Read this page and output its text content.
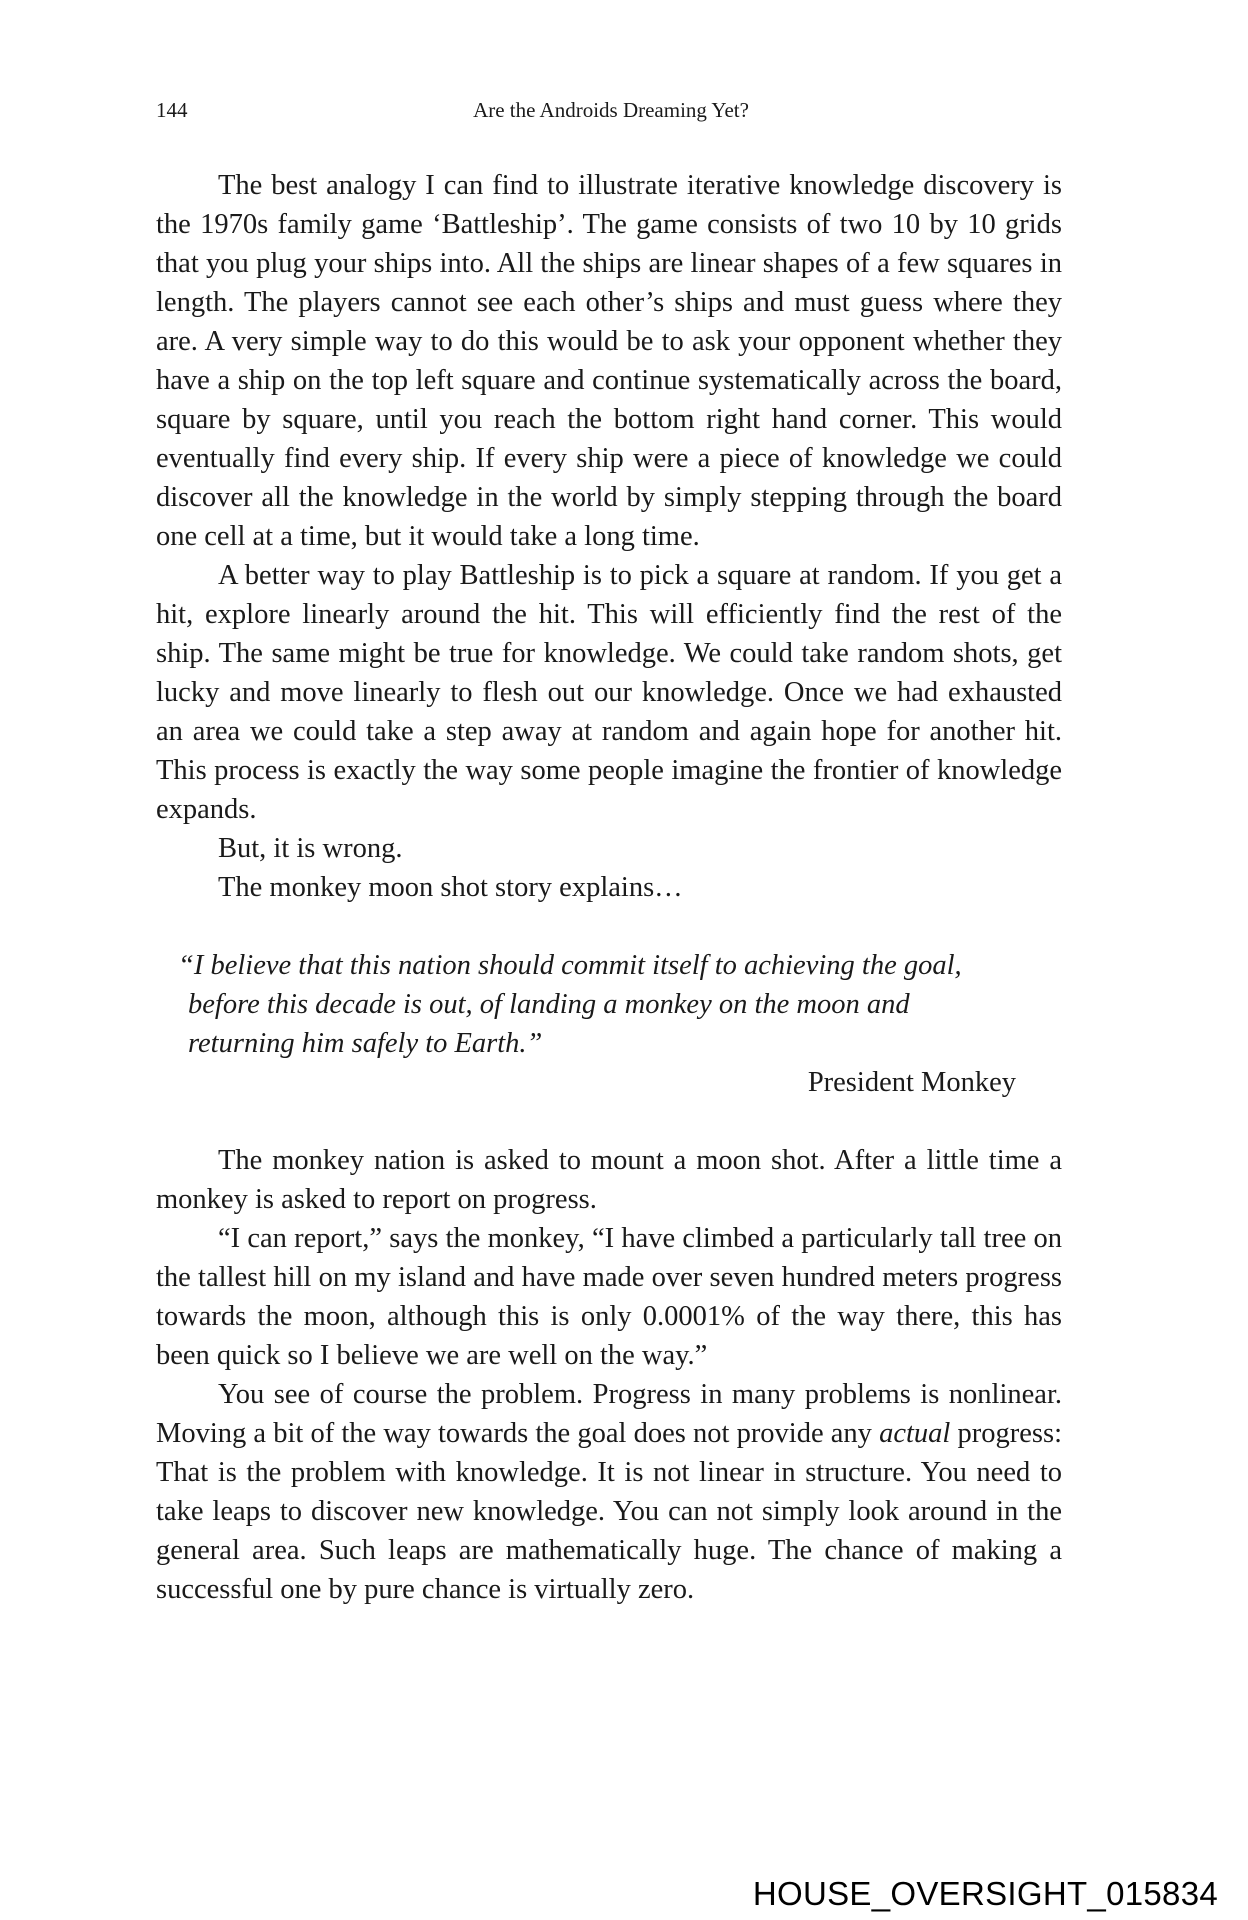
144	Are the Androids Dreaming Yet?

The best analogy I can find to illustrate iterative knowledge discovery is the 1970s family game ‘Battleship’. The game consists of two 10 by 10 grids that you plug your ships into. All the ships are linear shapes of a few squares in length. The players cannot see each other’s ships and must guess where they are. A very simple way to do this would be to ask your opponent whether they have a ship on the top left square and continue systematically across the board, square by square, until you reach the bottom right hand corner. This would eventually find every ship. If every ship were a piece of knowledge we could discover all the knowledge in the world by simply stepping through the board one cell at a time, but it would take a long time.

A better way to play Battleship is to pick a square at random. If you get a hit, explore linearly around the hit. This will efficiently find the rest of the ship. The same might be true for knowledge. We could take random shots, get lucky and move linearly to flesh out our knowledge. Once we had exhausted an area we could take a step away at random and again hope for another hit. This process is exactly the way some people imagine the frontier of knowledge expands.

But, it is wrong.

The monkey moon shot story explains…

“I believe that this nation should commit itself to achieving the goal,

before this decade is out, of landing a monkey on the moon and

returning him safely to Earth.”

President Monkey

The monkey nation is asked to mount a moon shot. After a little time a monkey is asked to report on progress.

“I can report,” says the monkey, “I have climbed a particularly tall tree on the tallest hill on my island and have made over seven hundred meters progress towards the moon, although this is only 0.0001% of the way there, this has been quick so I believe we are well on the way.”

You see of course the problem. Progress in many problems is nonlinear. Moving a bit of the way towards the goal does not provide any actual progress: That is the problem with knowledge. It is not linear in structure. You need to take leaps to discover new knowledge. You can not simply look around in the general area. Such leaps are mathematically huge. The chance of making a successful one by pure chance is virtually zero.

HOUSE_OVERSIGHT_015834
